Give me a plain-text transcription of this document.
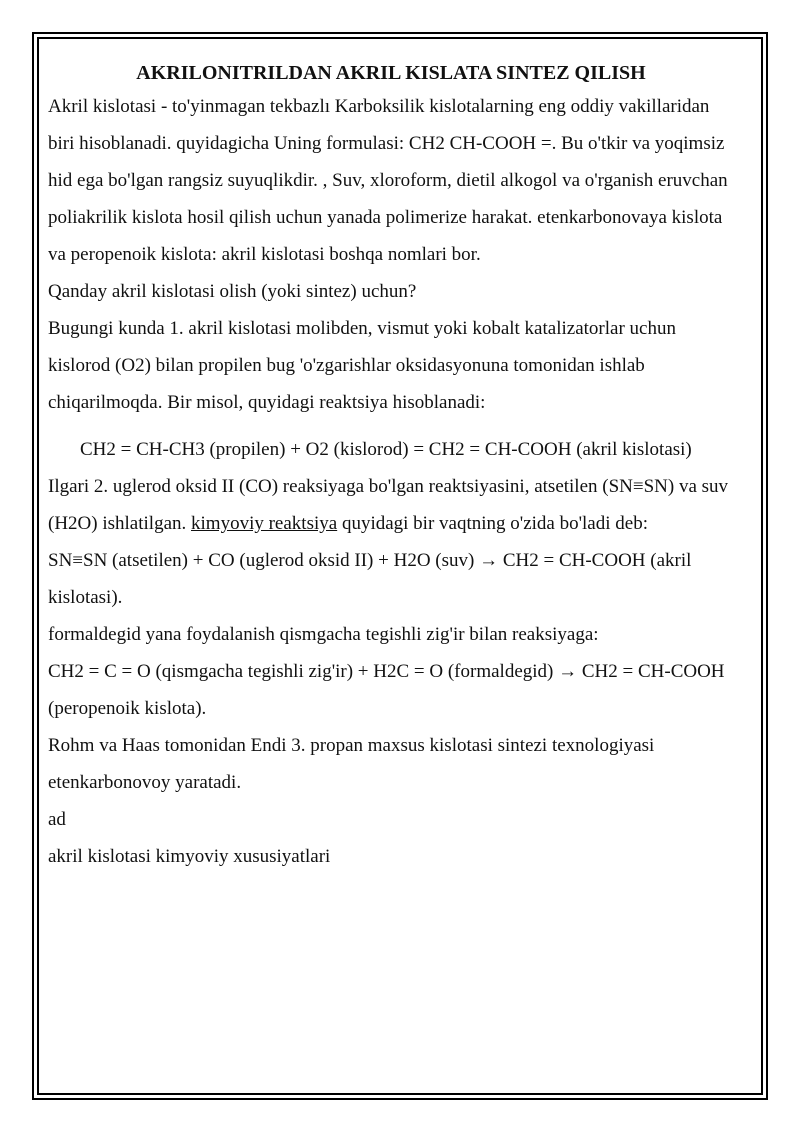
AKRILONITRILDAN AKRIL KISLATA SINTEZ QILISH

Akril kislotasi - to'yinmagan tekbazlı Karboksilik kislotalarning eng oddiy vakillaridan biri hisoblanadi. quyidagicha Uning formulasi: CH2 CH-COOH =. Bu o'tkir va yoqimsiz hid ega bo'lgan rangsiz suyuqlikdir. , Suv, xloroform, dietil alkogol va o'rganish eruvchan poliakrilik kislota hosil qilish uchun yanada polimerize harakat. etenkarbonovaya kislota va peropenoik kislota: akril kislotasi boshqa nomlari bor.

Qanday akril kislotasi olish (yoki sintez) uchun?

Bugungi kunda 1. akril kislotasi molibden, vismut yoki kobalt katalizatorlar uchun kislorod (O2) bilan propilen bug 'o'zgarishlar oksidasyonuna tomonidan ishlab chiqarilmoqda. Bir misol, quyidagi reaktsiya hisoblanadi:

CH2 = CH-CH3 (propilen) + O2 (kislorod) = CH2 = CH-COOH (akril kislotasi)

Ilgari 2. uglerod oksid II (CO) reaksiyaga bo'lgan reaktsiyasini, atsetilen (SN≡SN) va suv (H2O) ishlatilgan. kimyoviy reaktsiya quyidagi bir vaqtning o'zida bo'ladi deb:

SN≡SN (atsetilen) + CO (uglerod oksid II) + H2O (suv) → CH2 = CH-COOH (akril kislotasi).

formaldegid yana foydalanish qismgacha tegishli zig'ir bilan reaksiyaga:

CH2 = C = O (qismgacha tegishli zig'ir) + H2C = O (formaldegid) → CH2 = CH-COOH (peropenoik kislota).

Rohm va Haas tomonidan Endi 3. propan maxsus kislotasi sintezi texnologiyasi etenkarbonovoy yaratadi.

ad

akril kislotasi kimyoviy xususiyatlari
